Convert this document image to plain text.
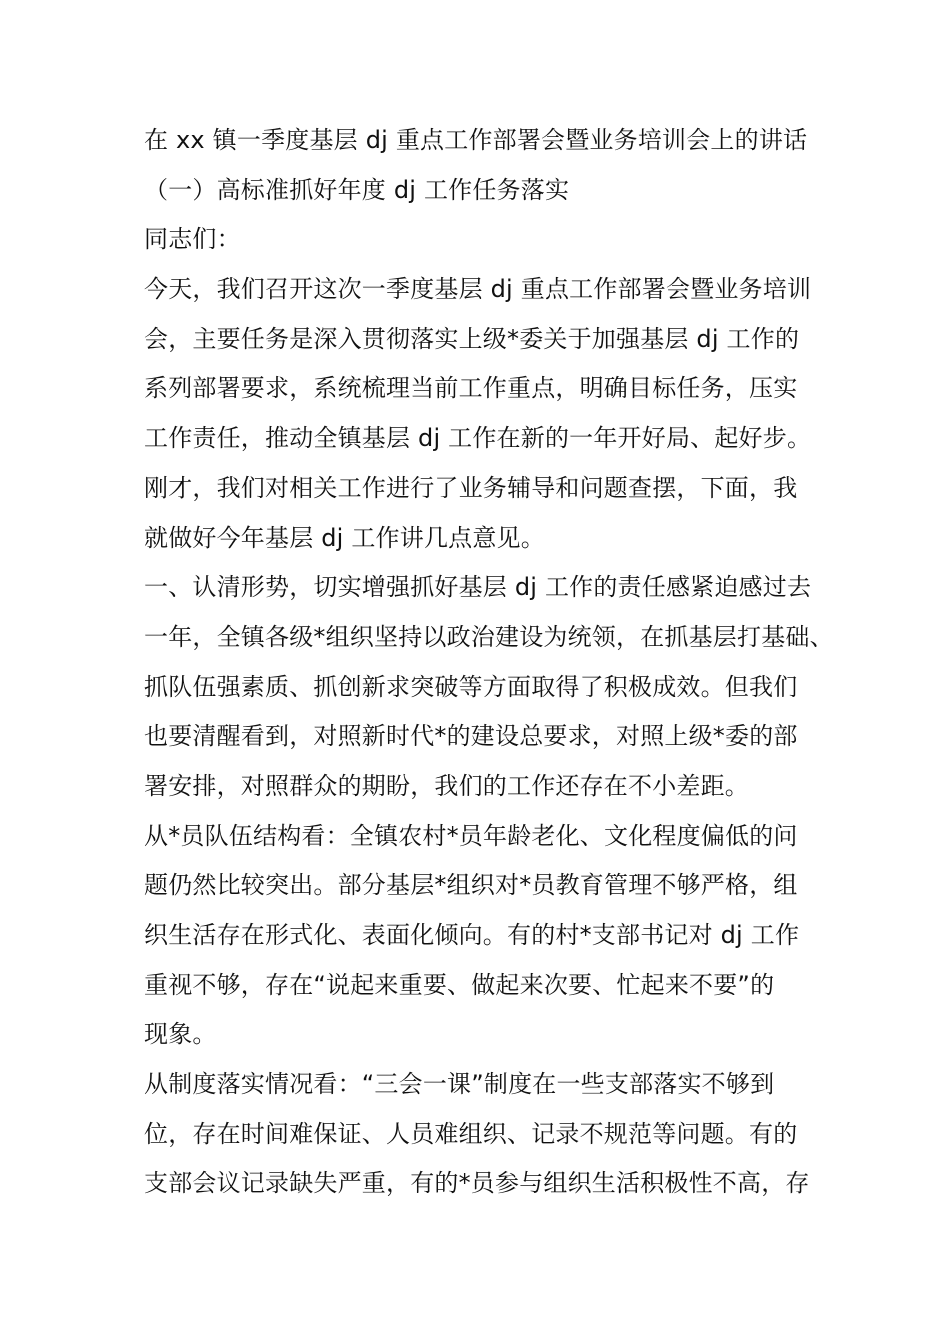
在 xx 镇一季度基层 dj 重点工作部署会暨业务培训会上的讲话
（一）高标准抓好年度 dj 工作任务落实
同志们：
今天，我们召开这次一季度基层 dj 重点工作部署会暨业务培训
会，主要任务是深入贯彻落实上级*委关于加强基层 dj 工作的
系列部署要求，系统梳理当前工作重点，明确目标任务，压实
工作责任，推动全镇基层 dj 工作在新的一年开好局、起好步。
刚才，我们对相关工作进行了业务辅导和问题查摆，下面，我
就做好今年基层 dj 工作讲几点意见。
一、认清形势，切实增强抓好基层 dj 工作的责任感紧迫感过去
一年，全镇各级*组织坚持以政治建设为统领，在抓基层打基础、
抓队伍强素质、抓创新求突破等方面取得了积极成效。但我们
也要清醒看到，对照新时代*的建设总要求，对照上级*委的部
署安排，对照群众的期盼，我们的工作还存在不小差距。
从*员队伍结构看：全镇农村*员年龄老化、文化程度偏低的问
题仍然比较突出。部分基层*组织对*员教育管理不够严格，组
织生活存在形式化、表面化倾向。有的村*支部书记对 dj 工作
重视不够，存在“说起来重要、做起来次要、忙起来不要”的
现象。
从制度落实情况看：“三会一课”制度在一些支部落实不够到
位，存在时间难保证、人员难组织、记录不规范等问题。有的
支部会议记录缺失严重，有的*员参与组织生活积极性不高，存
